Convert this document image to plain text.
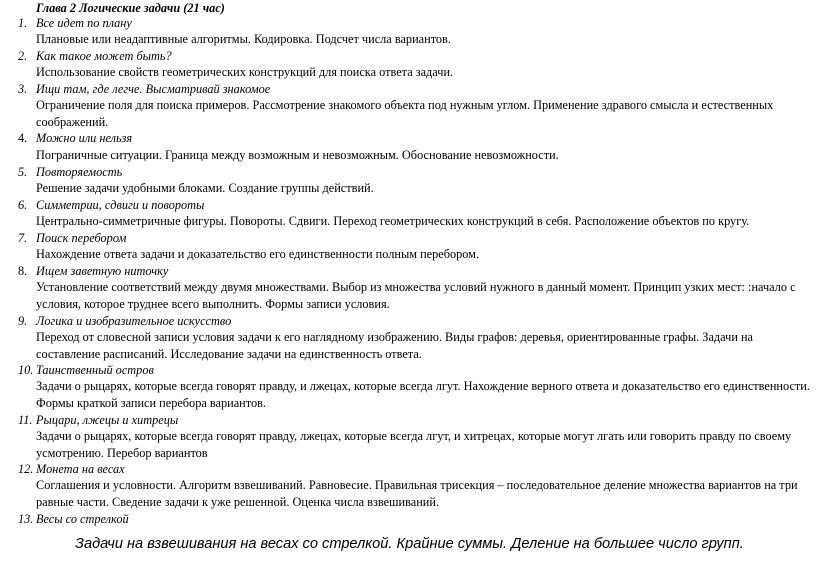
Глава 2 Логические задачи (21 час)
1. Все идет по плану
Плановые или неадаптивные алгоритмы. Кодировка. Подсчет числа вариантов.
2. Как такое может быть?
Использование свойств геометрических конструкций для поиска ответа задачи.
3. Ищи там, где легче. Высматривай знакомое
Ограничение поля для поиска примеров. Рассмотрение знакомого объекта под нужным углом. Применение здравого смысла и естественных соображений.
4. Можно или нельзя
Пограничные ситуации. Граница между возможным и невозможным. Обоснование невозможности.
5. Повторяемость
Решение задачи удобными блоками. Создание группы действий.
6. Симметрии, сдвиги и повороты
Центрально-симметричные фигуры. Повороты. Сдвиги. Переход геометрических конструкций в себя. Расположение объектов по кругу.
7. Поиск перебором
Нахождение ответа задачи и доказательство его единственности полным перебором.
8. Ищем заветную ниточку
Установление соответствий между двумя множествами. Выбор из множества условий нужного в данный момент. Принцип узких мест: :начало с условия, которое труднее всего выполнить. Формы записи условия.
9. Логика и изобразительное искусство
Переход от словесной записи условия задачи к его наглядному изображению. Виды графов: деревья, ориентированные графы. Задачи на составление расписаний. Исследование задачи на единственность ответа.
10. Таинственный остров
Задачи о рыцарях, которые всегда говорят правду, и лжецах, которые всегда лгут. Нахождение верного ответа и доказательство его единственности. Формы краткой записи перебора вариантов.
11. Рыцари, лжецы и хитрецы
Задачи о рыцарях, которые всегда говорят правду, лжецах, которые всегда лгут, и хитрецах, которые могут лгать или говорить правду по своему усмотрению. Перебор вариантов
12. Монета на весах
Соглашения и условности. Алгоритм взвешиваний. Равновесие. Правильная трисекция – последовательное деление множества вариантов на три равные части. Сведение задачи к уже решенной. Оценка числа взвешиваний.
13. Весы со стрелкой
Задачи на взвешивания на весах со стрелкой. Крайние суммы. Деление на большее число групп.
